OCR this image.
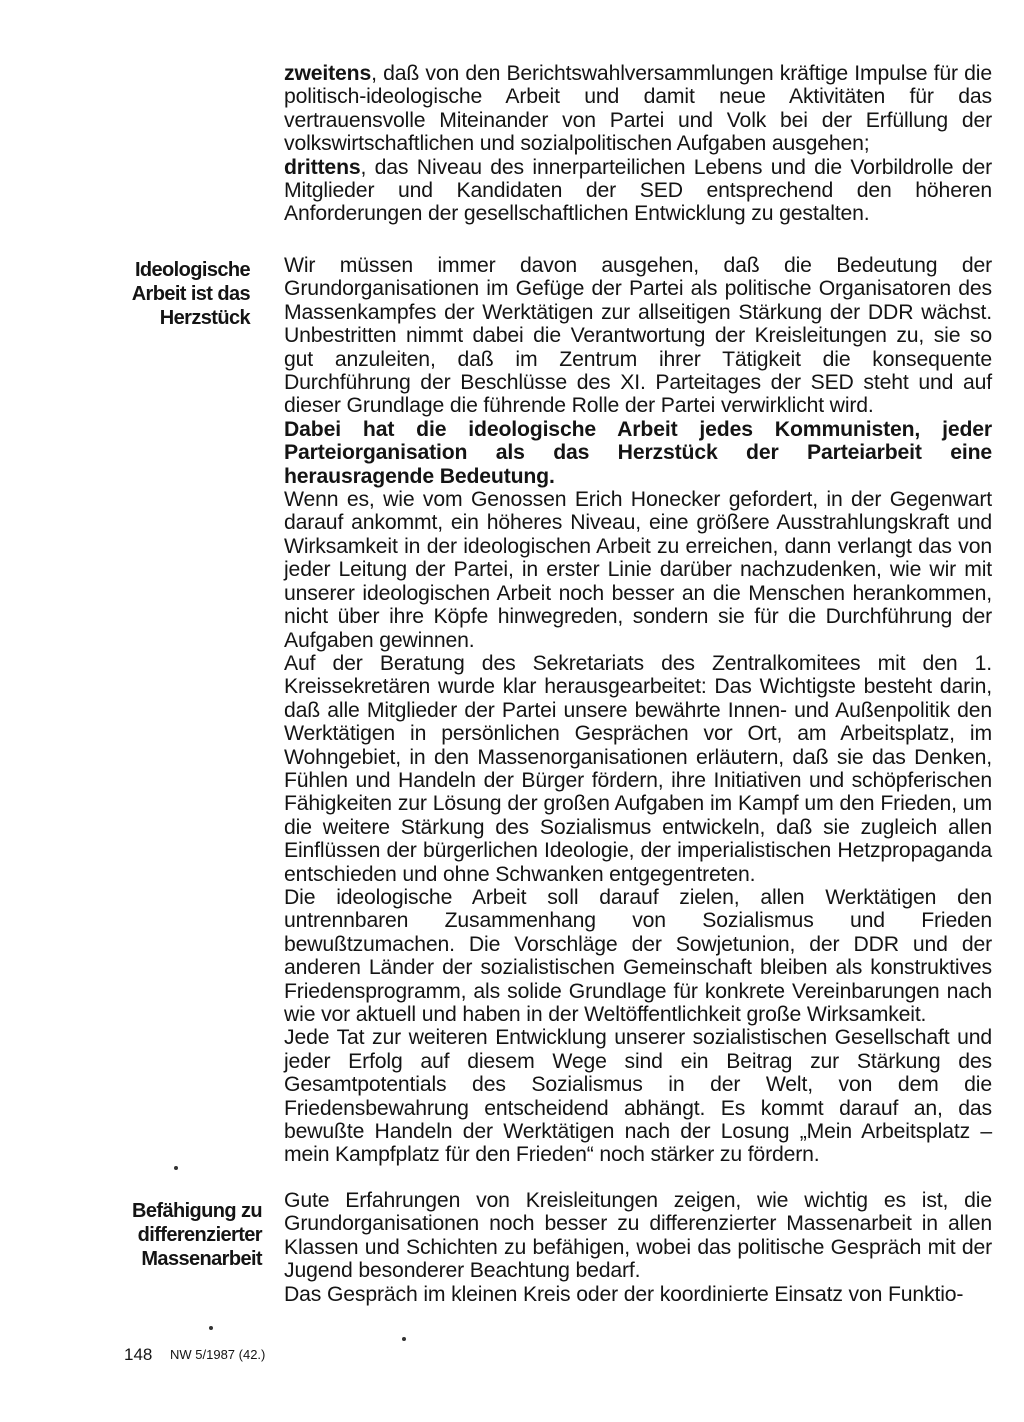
zweitens, daß von den Berichtswahlversammlungen kräftige Impulse für die politisch-ideologische Arbeit und damit neue Aktivitäten für das vertrauensvolle Miteinander von Partei und Volk bei der Erfüllung der volkswirtschaftlichen und sozialpolitischen Aufgaben ausgehen;

drittens, das Niveau des innerparteilichen Lebens und die Vorbildrolle der Mitglieder und Kandidaten der SED entsprechend den höheren Anforderungen der gesellschaftlichen Entwicklung zu gestalten.

Ideologische
Arbeit ist das
Herzstück

Wir müssen immer davon ausgehen, daß die Bedeutung der Grundorganisationen im Gefüge der Partei als politische Organisatoren des Massenkampfes der Werktätigen zur allseitigen Stärkung der DDR wächst. Unbestritten nimmt dabei die Verantwortung der Kreisleitungen zu, sie so gut anzuleiten, daß im Zentrum ihrer Tätigkeit die konsequente Durchführung der Beschlüsse des XI. Parteitages der SED steht und auf dieser Grundlage die führende Rolle der Partei verwirklicht wird.

Dabei hat die ideologische Arbeit jedes Kommunisten, jeder Parteiorganisation als das Herzstück der Parteiarbeit eine herausragende Bedeutung.

Wenn es, wie vom Genossen Erich Honecker gefordert, in der Gegenwart darauf ankommt, ein höheres Niveau, eine größere Ausstrahlungskraft und Wirksamkeit in der ideologischen Arbeit zu erreichen, dann verlangt das von jeder Leitung der Partei, in erster Linie darüber nachzudenken, wie wir mit unserer ideologischen Arbeit noch besser an die Menschen herankommen, nicht über ihre Köpfe hinwegreden, sondern sie für die Durchführung der Aufgaben gewinnen.

Auf der Beratung des Sekretariats des Zentralkomitees mit den 1. Kreissekretären wurde klar herausgearbeitet: Das Wichtigste besteht darin, daß alle Mitglieder der Partei unsere bewährte Innen- und Außenpolitik den Werktätigen in persönlichen Gesprächen vor Ort, am Arbeitsplatz, im Wohngebiet, in den Massenorganisationen erläutern, daß sie das Denken, Fühlen und Handeln der Bürger fördern, ihre Initiativen und schöpferischen Fähigkeiten zur Lösung der großen Aufgaben im Kampf um den Frieden, um die weitere Stärkung des Sozialismus entwickeln, daß sie zugleich allen Einflüssen der bürgerlichen Ideologie, der imperialistischen Hetzpropaganda entschieden und ohne Schwanken entgegentreten.

Die ideologische Arbeit soll darauf zielen, allen Werktätigen den untrennbaren Zusammenhang von Sozialismus und Frieden bewußtzumachen. Die Vorschläge der Sowjetunion, der DDR und der anderen Länder der sozialistischen Gemeinschaft bleiben als konstruktives Friedensprogramm, als solide Grundlage für konkrete Vereinbarungen nach wie vor aktuell und haben in der Weltöffentlichkeit große Wirksamkeit.

Jede Tat zur weiteren Entwicklung unserer sozialistischen Gesellschaft und jeder Erfolg auf diesem Wege sind ein Beitrag zur Stärkung des Gesamtpotentials des Sozialismus in der Welt, von dem die Friedensbewahrung entscheidend abhängt. Es kommt darauf an, das bewußte Handeln der Werktätigen nach der Losung „Mein Arbeitsplatz – mein Kampfplatz für den Frieden“ noch stärker zu fördern.

Befähigung zu
differenzierter
Massenarbeit

Gute Erfahrungen von Kreisleitungen zeigen, wie wichtig es ist, die Grundorganisationen noch besser zu differenzierter Massenarbeit in allen Klassen und Schichten zu befähigen, wobei das politische Gespräch mit der Jugend besonderer Beachtung bedarf.

Das Gespräch im kleinen Kreis oder der koordinierte Einsatz von Funktio-

148 NW 5/1987 (42.)
